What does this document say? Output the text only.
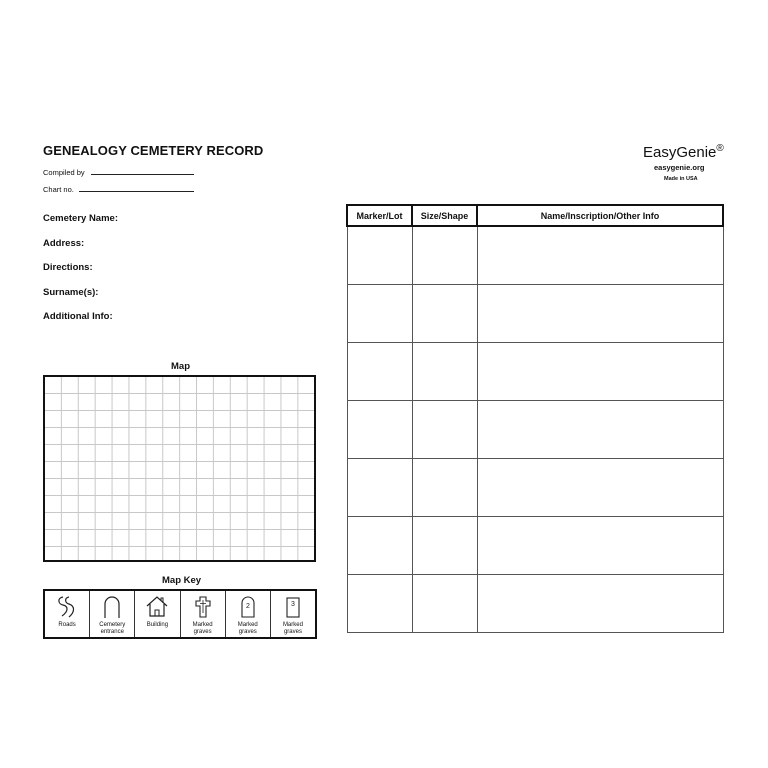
GENEALOGY CEMETERY RECORD
Compiled by
Chart no.
EasyGenie®
easygenie.org
Made in USA
Cemetery Name:
Address:
Directions:
Surname(s):
Additional Info:
Map
Map Key
Roads	Cemetery
entrance
Building	Marked
graves
2
Marked
graves
3
Marked
graves
Marker/Lot	Size/Shape	Name/Inscription/Other Info
